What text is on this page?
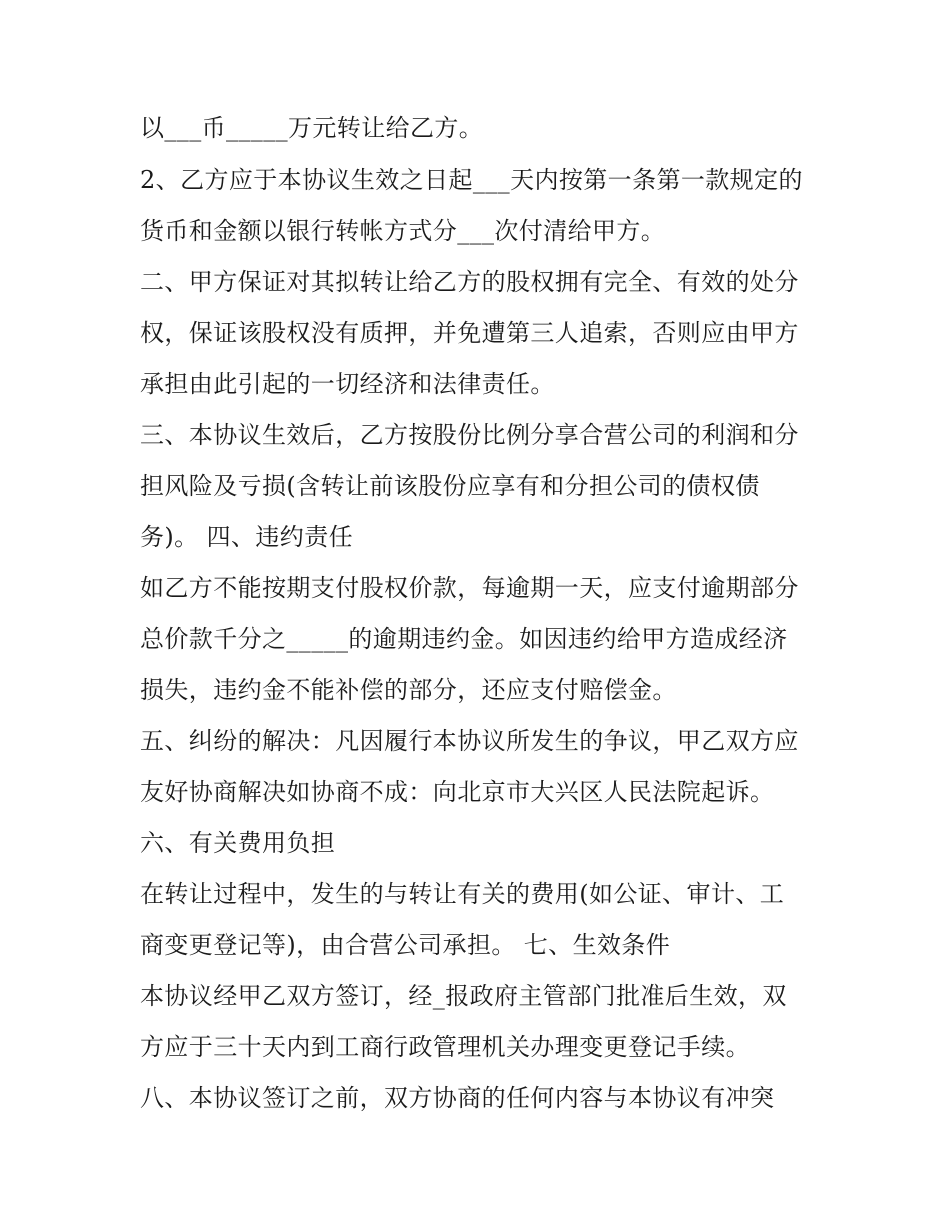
以___币_____万元转让给乙方。
2、乙方应于本协议生效之日起___天内按第一条第一款规定的
货币和金额以银行转帐方式分___次付清给甲方。
二、甲方保证对其拟转让给乙方的股权拥有完全、有效的处分
权，保证该股权没有质押，并免遭第三人追索，否则应由甲方
承担由此引起的一切经济和法律责任。
三、本协议生效后，乙方按股份比例分享合营公司的利润和分
担风险及亏损(含转让前该股份应享有和分担公司的债权债
务)。 四、违约责任
如乙方不能按期支付股权价款，每逾期一天，应支付逾期部分
总价款千分之_____的逾期违约金。如因违约给甲方造成经济
损失，违约金不能补偿的部分，还应支付赔偿金。
五、纠纷的解决：凡因履行本协议所发生的争议，甲乙双方应
友好协商解决如协商不成：向北京市大兴区人民法院起诉。
六、有关费用负担
在转让过程中，发生的与转让有关的费用(如公证、审计、工
商变更登记等)，由合营公司承担。 七、生效条件
本协议经甲乙双方签订，经_报政府主管部门批准后生效，双
方应于三十天内到工商行政管理机关办理变更登记手续。
八、本协议签订之前，双方协商的任何内容与本协议有冲突
